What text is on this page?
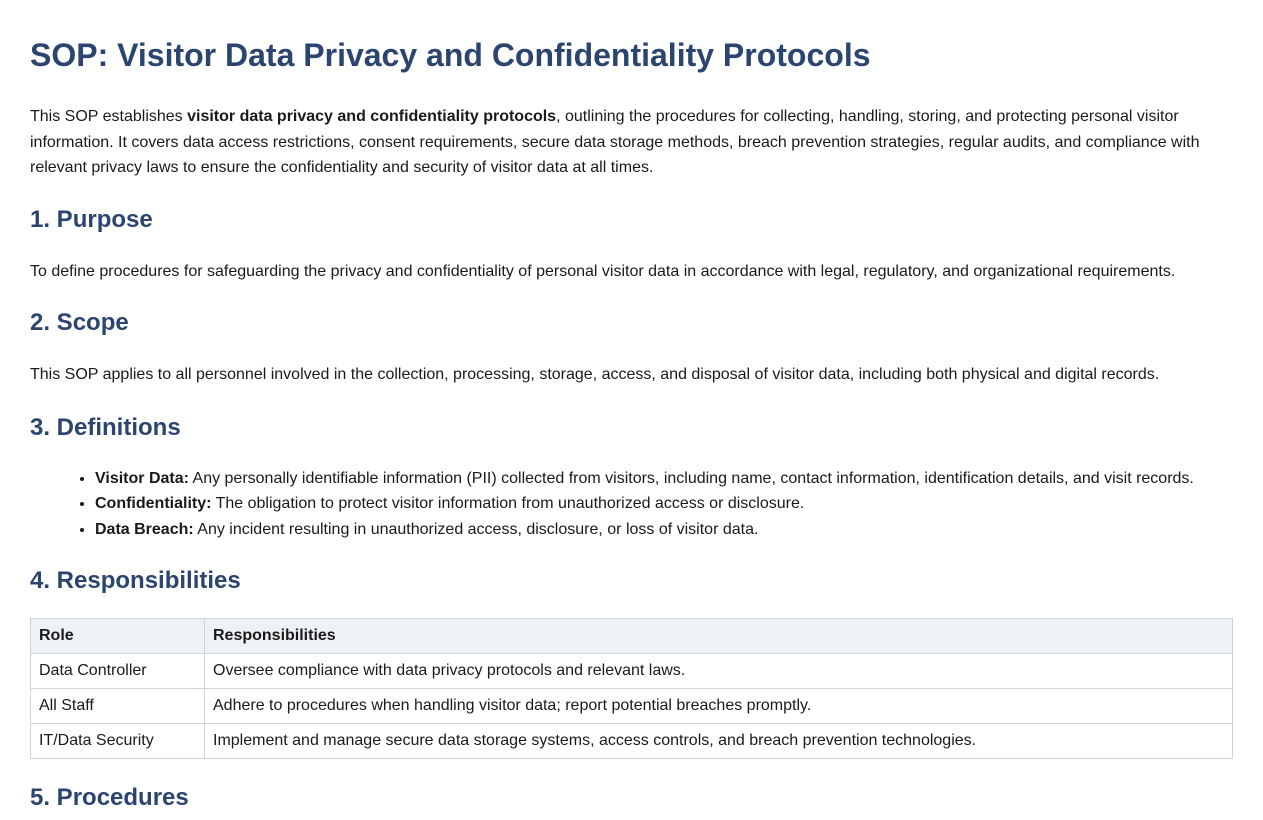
SOP: Visitor Data Privacy and Confidentiality Protocols

This SOP establishes visitor data privacy and confidentiality protocols, outlining the procedures for collecting, handling, storing, and protecting personal visitor information. It covers data access restrictions, consent requirements, secure data storage methods, breach prevention strategies, regular audits, and compliance with relevant privacy laws to ensure the confidentiality and security of visitor data at all times.

1. Purpose

To define procedures for safeguarding the privacy and confidentiality of personal visitor data in accordance with legal, regulatory, and organizational requirements.

2. Scope

This SOP applies to all personnel involved in the collection, processing, storage, access, and disposal of visitor data, including both physical and digital records.

3. Definitions
• Visitor Data: Any personally identifiable information (PII) collected from visitors, including name, contact information, identification details, and visit records.
• Confidentiality: The obligation to protect visitor information from unauthorized access or disclosure.
• Data Breach: Any incident resulting in unauthorized access, disclosure, or loss of visitor data.
4. Responsibilities
Role	Responsibilities
Data Controller	Oversee compliance with data privacy protocols and relevant laws.
All Staff	Adhere to procedures when handling visitor data; report potential breaches promptly.
IT/Data Security	Implement and manage secure data storage systems, access controls, and breach prevention technologies.
5. Procedures
